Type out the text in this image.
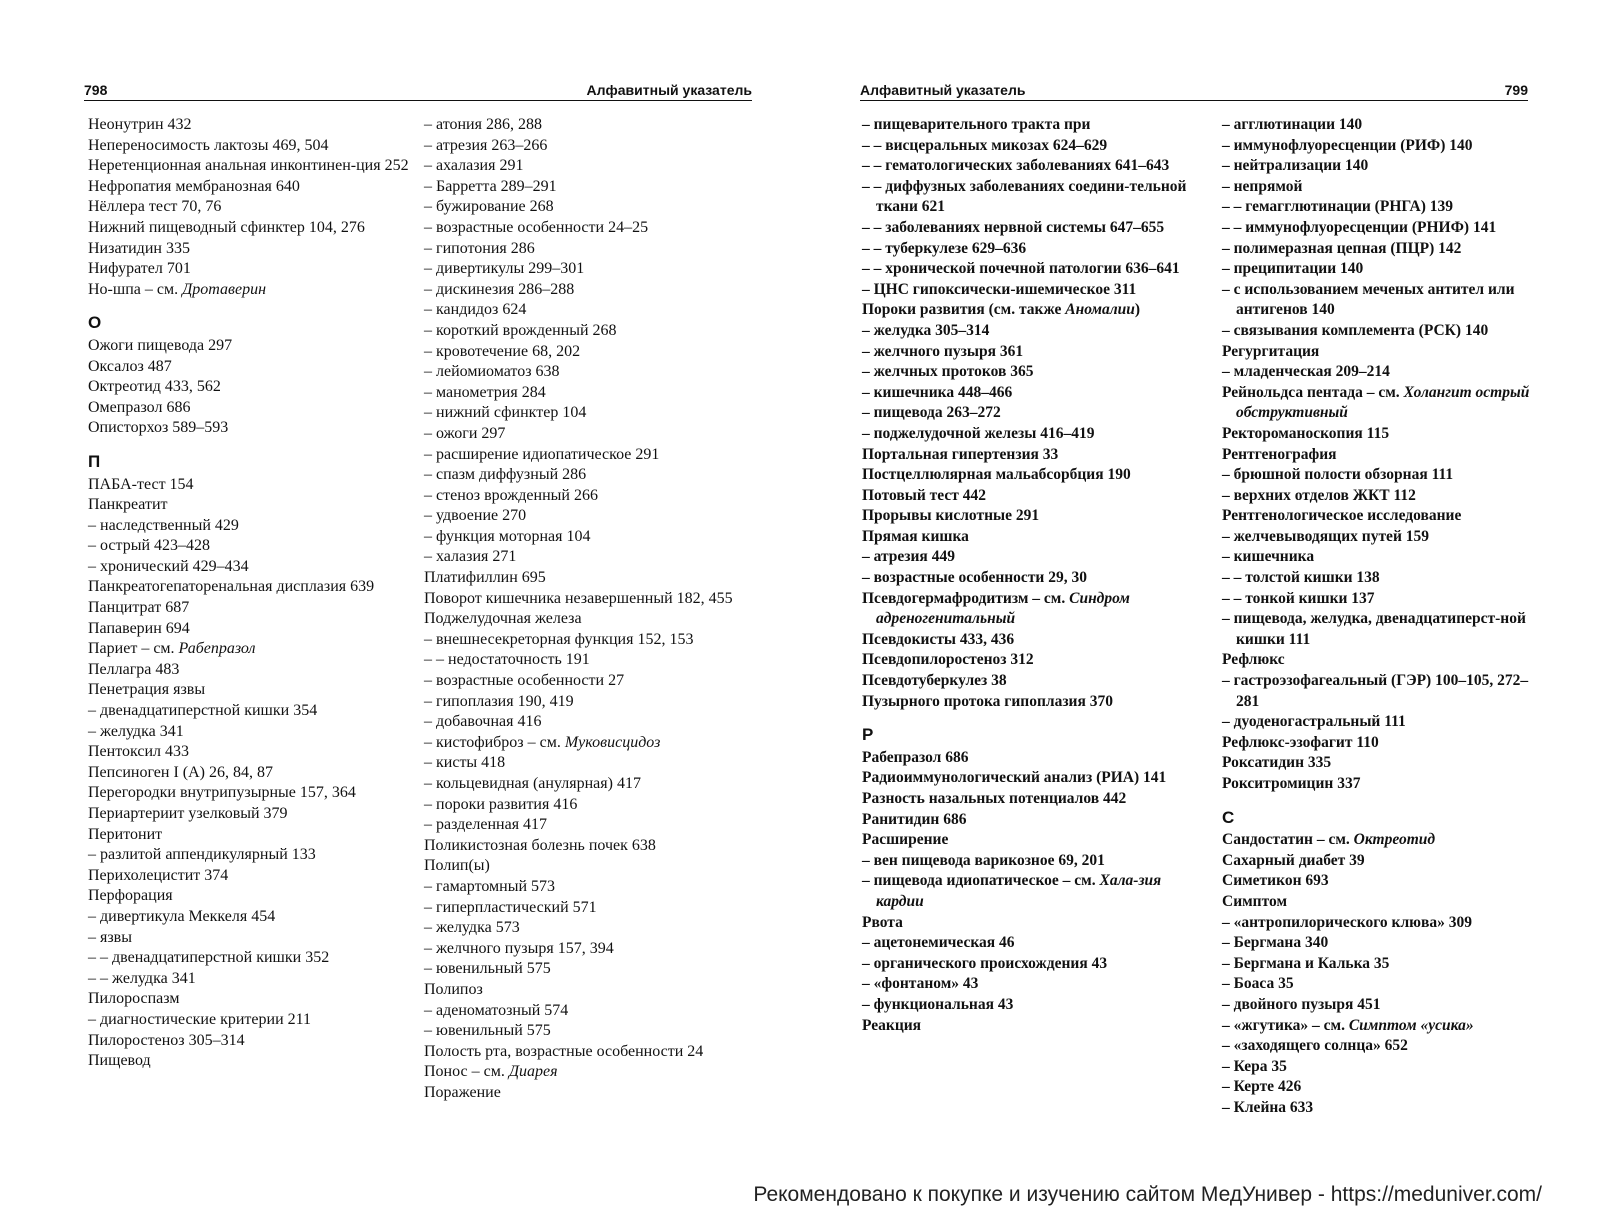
798	Алфавитный указатель
Неонутрин 432
Непереносимость лактозы 469, 504
Неретенционная анальная инконтинен-ция 252
Нефропатия мембранозная 640
Нёллера тест 70, 76
Нижний пищеводный сфинктер 104, 276
Низатидин 335
Нифуратeл 701
Но-шпа – см. Дротаверин
О
Ожоги пищевода 297
Оксалоз 487
Октреотид 433, 562
Омепразол 686
Описторхоз 589–593
П
ПАБА-тест 154
Панкреатит
– наследственный 429
– острый 423–428
– хронический 429–434
Панкреатогепаторенальная дисплазия 639
Панцитрат 687
Папаверин 694
Париет – см. Рабепразол
Пеллагра 483
Пенетрация язвы
– двенадцатиперстной кишки 354
– желудка 341
Пентоксил 433
Пепсиноген I (А) 26, 84, 87
Перегородки внутрипузырные 157, 364
Периартериит узелковый 379
Перитонит
– разлитой аппендикулярный 133
Перихолецистит 374
Перфорация
– дивертикула Меккеля 454
– язвы
– – двенадцатиперстной кишки 352
– – желудка 341
Пилороспазм
– диагностические критерии 211
Пилоростеноз 305–314
Пищевод
– атония 286, 288
– атрезия 263–266
– ахалазия 291
– Барретта 289–291
– бужирование 268
– возрастные особенности 24–25
– гипотония 286
– дивертикулы 299–301
– дискинезия 286–288
– кандидоз 624
– короткий врожденный 268
– кровотечение 68, 202
– лейомиоматоз 638
– манометрия 284
– нижний сфинктер 104
– ожоги 297
– расширение идиопатическое 291
– спазм диффузный 286
– стеноз врожденный 266
– удвоение 270
– функция моторная 104
– халазия 271
Платифиллин 695
Поворот кишечника незавершенный 182, 455
Поджелудочная железа
– внешнесекреторная функция 152, 153
– – недостаточность 191
– возрастные особенности 27
– гипоплазия 190, 419
– добавочная 416
– кистофиброз – см. Муковисцидоз
– кисты 418
– кольцевидная (анулярная) 417
– пороки развития 416
– разделенная 417
Поликистозная болезнь почек 638
Полип(ы)
– гамартомный 573
– гиперпластический 571
– желудка 573
– желчного пузыря 157, 394
– ювенильный 575
Полипоз
– аденоматозный 574
– ювенильный 575
Полость рта, возрастные особенности 24
Понос – см. Диарея
Поражение
Алфавитный указатель	799
– пищеварительного тракта при
– – висцеральных микозах 624–629
– – гематологических заболеваниях 641–643
– – диффузных заболеваниях соедини-тельной ткани 621
– – заболеваниях нервной системы 647–655
– – туберкулезе 629–636
– – хронической почечной патологии 636–641
– ЦНС гипоксически-ишемическое 311
Пороки развития (см. также Аномалии)
– желудка 305–314
– желчного пузыря 361
– желчных протоков 365
– кишечника 448–466
– пищевода 263–272
– поджелудочной железы 416–419
Портальная гипертензия 33
Постцеллюлярная мальабсорбция 190
Потовый тест 442
Прорывы кислотные 291
Прямая кишка
– атрезия 449
– возрастные особенности 29, 30
Псевдогермафродитизм – см. Синдром адреногенитальный
Псевдокисты 433, 436
Псевдопилоростеноз 312
Псевдотуберкулез 38
Пузырного протока гипоплазия 370
Р
Рабепразол 686
Радиоиммунологический анализ (РИА) 141
Разность назальных потенциалов 442
Ранитидин 686
Расширение
– вен пищевода варикозное 69, 201
– пищевода идиопатическое – см. Хала-зия кардии
Рвота
– ацетонемическая 46
– органического происхождения 43
– «фонтаном» 43
– функциональная 43
Реакция
– агглютинации 140
– иммунофлуоресценции (РИФ) 140
– нейтрализации 140
– непрямой
– – гемагглютинации (РНГА) 139
– – иммунофлуоресценции (РНИФ) 141
– полимеразная цепная (ПЦР) 142
– преципитации 140
– с использованием меченых антител или антигенов 140
– связывания комплемента (РСК) 140
Регургитация
– младенческая 209–214
Рейнольдса пентада – см. Холангит острый обструктивный
Ректороманоскопия 115
Рентгенография
– брюшной полости обзорная 111
– верхних отделов ЖКТ 112
Рентгенологическое исследование
– желчевыводящих путей 159
– кишечника
– – толстой кишки 138
– – тонкой кишки 137
– пищевода, желудка, двенадцатиперст-ной кишки 111
Рефлюкс
– гастроэзофагеальный (ГЭР) 100–105, 272–281
– дуоденогастральный 111
Рефлюкс-эзофагит 110
Роксатидин 335
Рокситромицин 337
С
Сандостатин – см. Октреотид
Сахарный диабет 39
Симетикон 693
Симптом
– «антропилорического клюва» 309
– Бергмана 340
– Бергмана и Калька 35
– Боаса 35
– двойного пузыря 451
– «жгутика» – см. Симптом «усика»
– «заходящего солнца» 652
– Кера 35
– Керте 426
– Клейна 633
Рекомендовано к покупке и изучению сайтом МедУнивер - https://meduniver.com/
